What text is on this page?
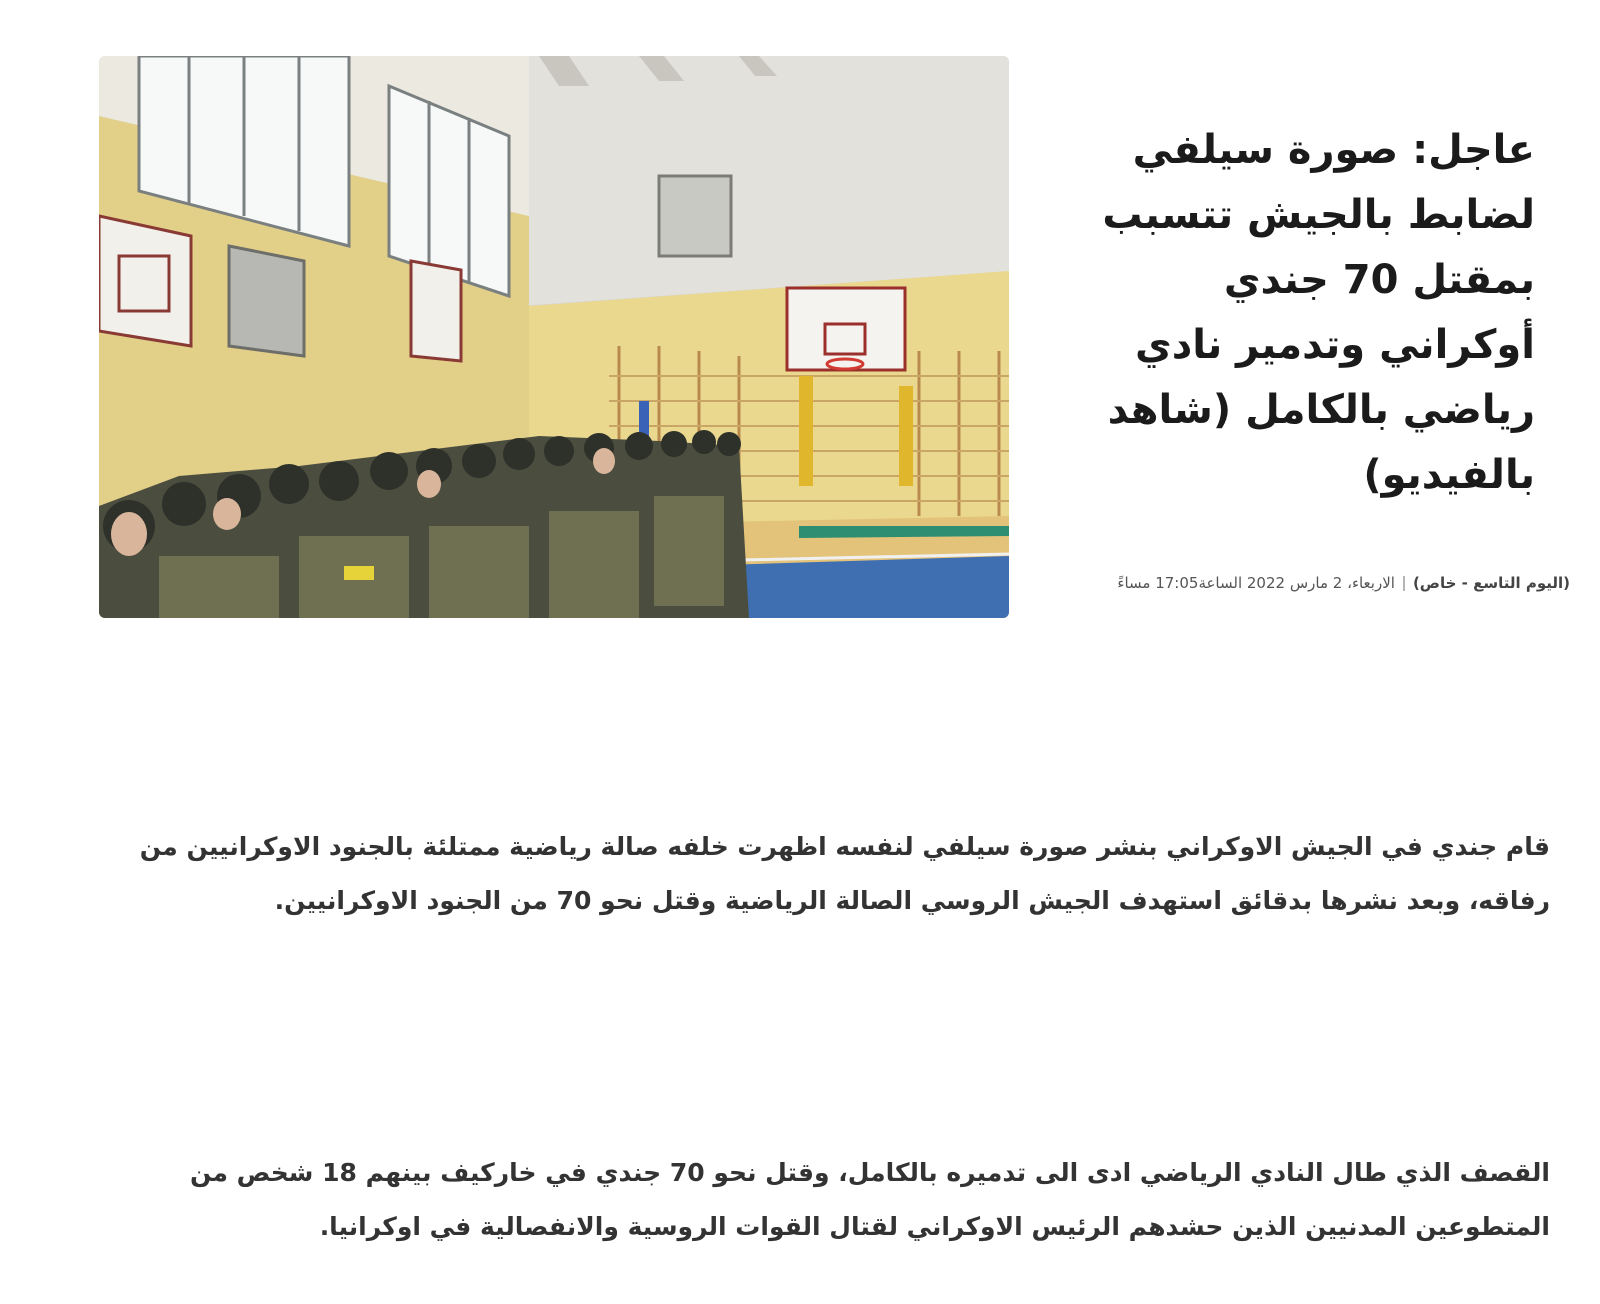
عاجل: صورة سيلفي لضابط بالجيش تتسبب بمقتل 70 جندي أوكراني وتدمير نادي رياضي بالكامل (شاهد بالفيديو)
(اليوم التاسع - خاص)الاربعاء، 2 مارس 2022 الساعة17:05 مساءً

قام جندي في الجيش الاوكراني بنشر صورة سيلفي لنفسه اظهرت خلفه صالة رياضية ممتلئة بالجنود الاوكرانيين من رفاقه، وبعد نشرها بدقائق استهدف الجيش الروسي الصالة الرياضية وقتل نحو 70 من الجنود الاوكرانيين.

القصف الذي طال النادي الرياضي ادى الى تدميره بالكامل، وقتل نحو 70 جندي في خاركيف بينهم 18 شخص من المتطوعين المدنيين الذين حشدهم الرئيس الاوكراني لقتال القوات الروسية والانفصالية في اوكرانيا.
